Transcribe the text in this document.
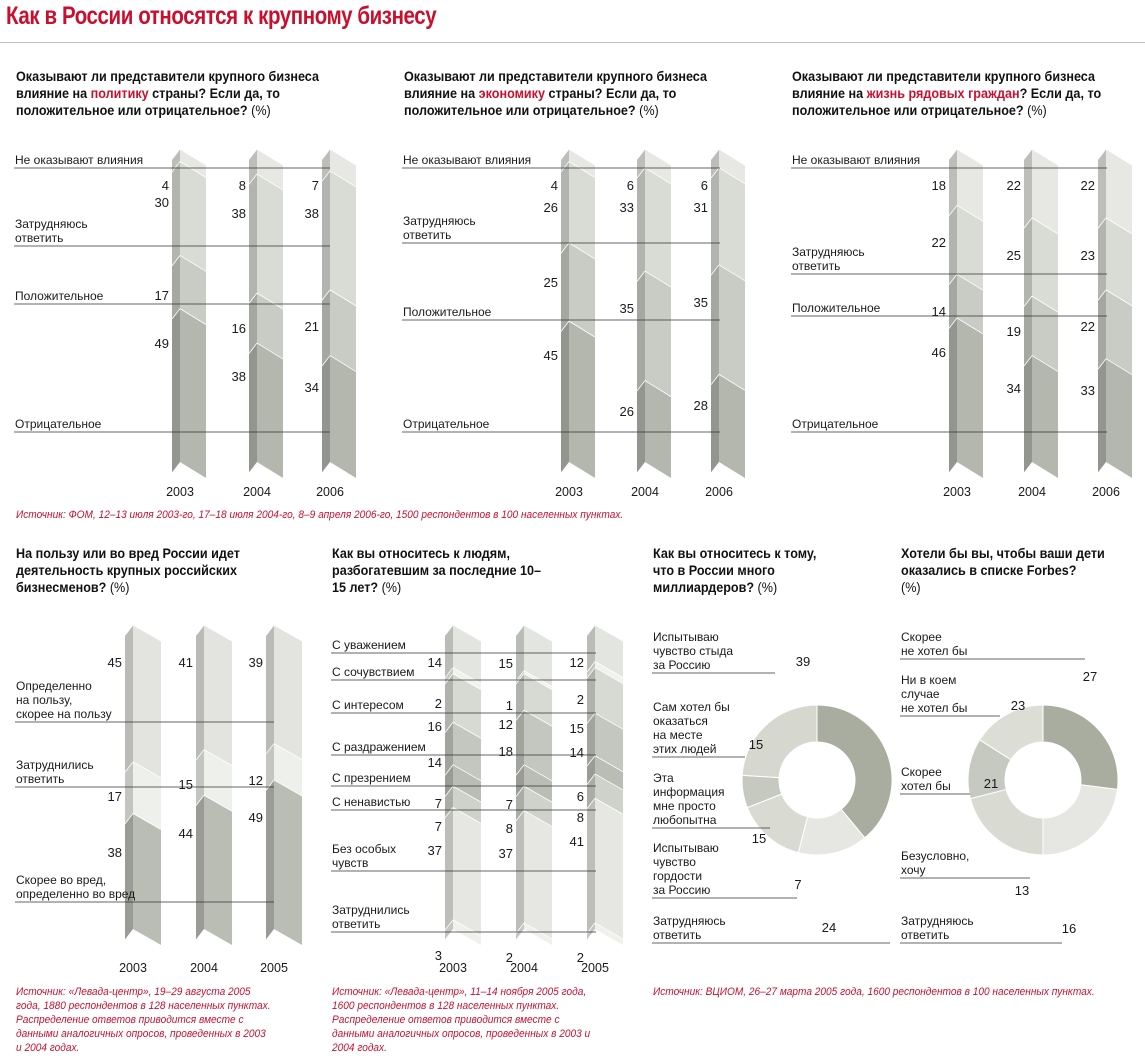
Как в России относятся к крупному бизнесу
Оказывают ли представители крупного бизнеса влияние на политику страны? Если да, то положительное или отрицательное? (%)
Оказывают ли представители крупного бизнеса влияние на экономику страны? Если да, то положительное или отрицательное? (%)
Оказывают ли представители крупного бизнеса влияние на жизнь рядовых граждан? Если да, то положительное или отрицательное? (%)
На пользу или во вред России идет деятельность крупных российских бизнесменов? (%)
Как вы относитесь к людям, разбогатевшим за последние 10–15 лет? (%)
Как вы относитесь к тому, что в России много миллиардеров? (%)
Хотели бы вы, чтобы ваши дети оказались в списке Forbes?
(%)
Источник: ФОМ, 12–13 июля 2003-го, 17–18 июля 2004-го, 8–9 апреля 2006-го, 1500 респондентов в 100 населенных пунктах.
Источник: «Левада-центр», 19–29 августа 2005 года, 1880 респондентов в 128 населенных пунктах. Распределение ответов приводится вместе с данными аналогичных опросов, проведенных в 2003 и 2004 годах.
Источник: «Левада-центр», 11–14 ноября 2005 года, 1600 респондентов в 128 населенных пунктах. Распределение ответов приводится вместе с данными аналогичных опросов, проведенных в 2003 и 2004 годах.
Источник: ВЦИОМ, 26–27 марта 2005 года, 1600 респондентов в 100 населенных пунктах.
4
30
17
49
2003
8
38
16
38
2004
7
38
21
34
2006
Не оказывают влияния
Затрудняюсь
ответить
Положительное
Отрицательное
4
26
25
45
2003
6
33
35
26
2004
6
31
35
28
2006
Не оказывают влияния
Затрудняюсь
ответить
Положительное
Отрицательное
18
22
14
46
2003
22
25
19
34
2004
22
23
22
33
2006
Не оказывают влияния
Затрудняюсь
ответить
Положительное
Отрицательное
45
17
38
2003
41
15
44
2004
39
12
49
2005
Определенно
на пользу,
скорее на пользу
Затруднились
ответить
Скорее во вред,
определенно во вред
14
2
16
14
7
7
37
3
2003
15
1
12
18
7
8
37
2
2004
12
2
15
14
6
8
41
2
2005
С уважением
С сочувствием
С интересом
С раздражением
С презрением
С ненавистью
Без особых
чувств
Затруднились
ответить
Испытываю
чувство стыда
за Россию	39
Сам хотел бы
оказаться
на месте
этих людей 15
Эта
информация
мне просто
любопытна
15
Испытываю
чувство
гордости
за Россию	7
Затрудняюсь
ответить	24
Скорее
не хотел бы
27
Ни в коем
случае
не хотел бы	23
Скорее
хотел бы	21
Безусловно,
хочу
13
Затрудняюсь
ответить	16
